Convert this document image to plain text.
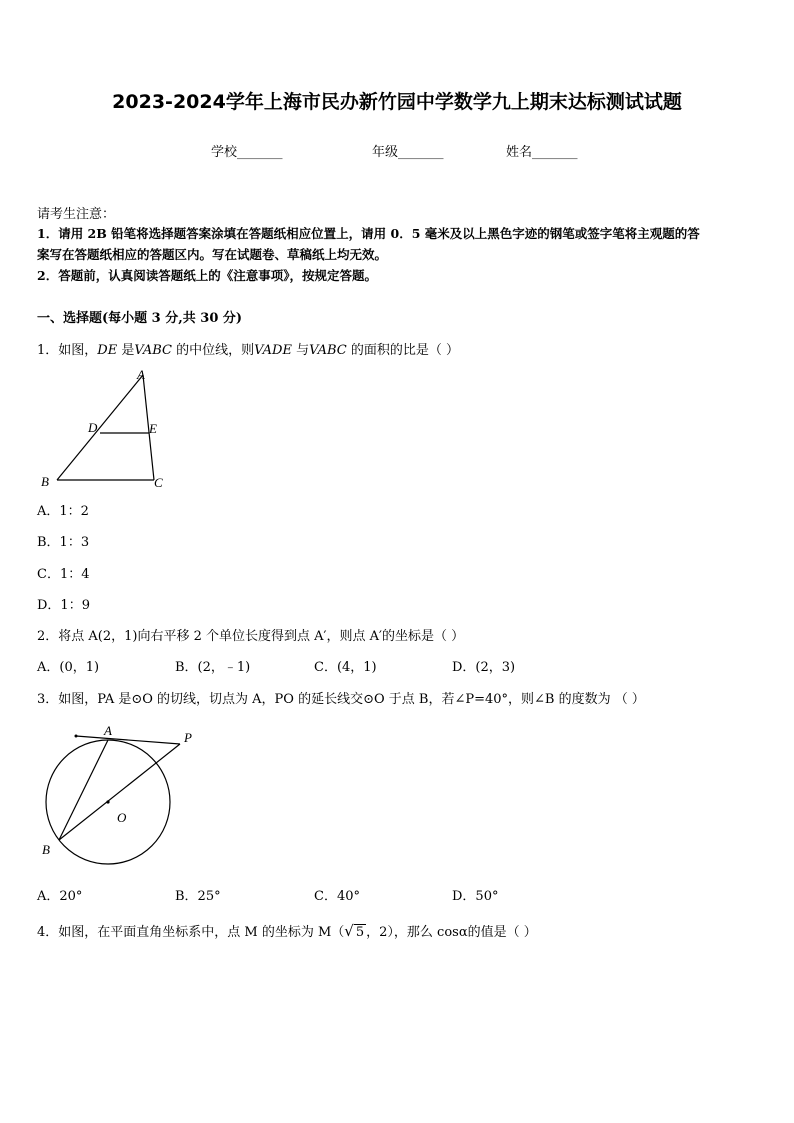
2023-2024学年上海市民办新竹园中学数学九上期末达标测试试题
学校_______	年级_______	姓名_______
请考生注意：
1．请用 2B 铅笔将选择题答案涂填在答题纸相应位置上，请用 0．5 毫米及以上黑色字迹的钢笔或签字笔将主观题的答
案写在答题纸相应的答题区内。写在试题卷、草稿纸上均无效。
2．答题前，认真阅读答题纸上的《注意事项》，按规定答题。
一、选择题(每小题 3 分,共 30 分)
1．如图，DE 是VABC 的中位线，则VADE 与VABC 的面积的比是（ ）
A
D	E
B	C
A．1：2
B．1：3
C．1：4
D．1：9
2．将点 A(2，1)向右平移 2 个单位长度得到点 A′，则点 A′的坐标是（ ）
A．(0，1)	B．(2，﹣1)	C．(4，1)	D．(2，3)
3．如图，PA 是⊙O 的切线，切点为 A，PO 的延长线交⊙O 于点 B，若∠P=40°，则∠B 的度数为 （ ）
A	P
O
B
A．20°	B．25°	C．40°	D．50°
4．如图，在平面直角坐标系中，点 M 的坐标为 M（√ 5 ，2），那么 cosα的值是（ ）
